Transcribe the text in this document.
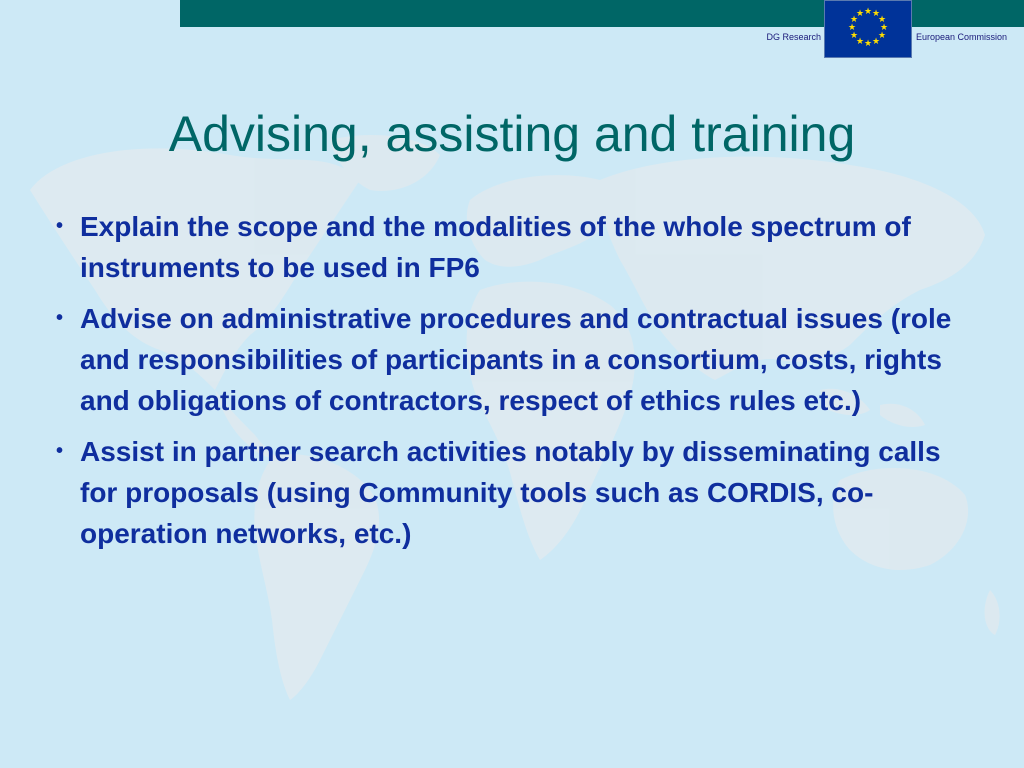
★ ★
★
★
★
★
★
★
★
★
★
★
DG Research	European Commission
Advising, assisting and training
• Explain the scope and the modalities of the whole spectrum of instruments to be used in FP6
• Advise on administrative procedures and contractual issues (role and responsibilities of participants in a consortium, costs, rights and obligations of contractors, respect of ethics rules etc.)
• Assist in partner search activities notably by disseminating calls for proposals (using Community tools such as CORDIS, co-operation networks, etc.)
